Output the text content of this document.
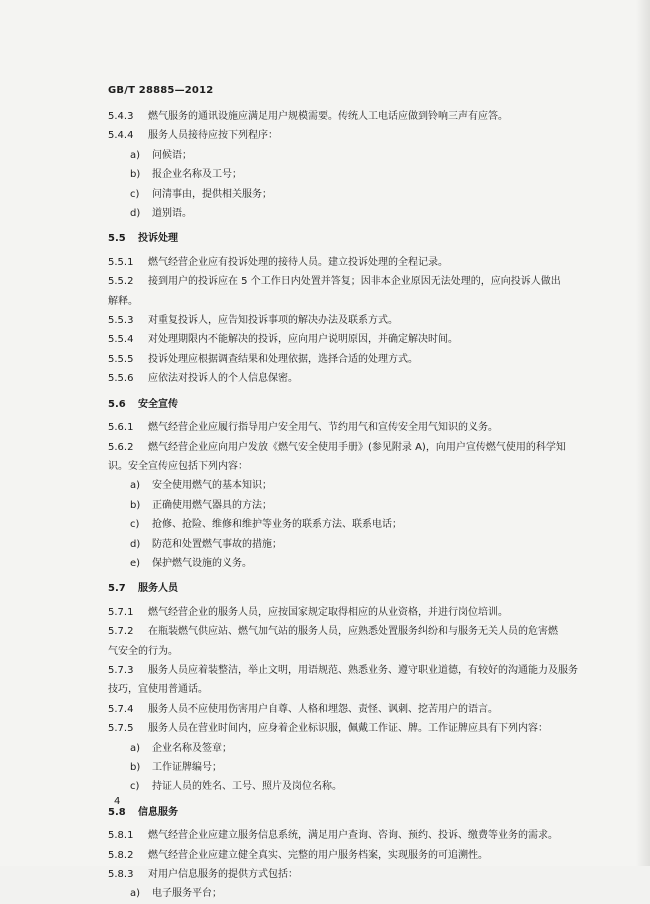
GB/T 28885—2012
5.4.3	燃气服务的通讯设施应满足用户规模需要。传统人工电话应做到铃响三声有应答。
5.4.4	服务人员接待应按下列程序：
a)	问候语；
b)	报企业名称及工号；
c)	问清事由，提供相关服务；
d)	道别语。
5.5	投诉处理
5.5.1	燃气经营企业应有投诉处理的接待人员。建立投诉处理的全程记录。
5.5.2	接到用户的投诉应在 5 个工作日内处置并答复；因非本企业原因无法处理的，应向投诉人做出
解释。
5.5.3	对重复投诉人，应告知投诉事项的解决办法及联系方式。
5.5.4	对处理期限内不能解决的投诉，应向用户说明原因，并确定解决时间。
5.5.5	投诉处理应根据调查结果和处理依据，选择合适的处理方式。
5.5.6	应依法对投诉人的个人信息保密。
5.6	安全宣传
5.6.1	燃气经营企业应履行指导用户安全用气、节约用气和宣传安全用气知识的义务。
5.6.2	燃气经营企业应向用户发放《燃气安全使用手册》(参见附录 A)，向用户宣传燃气使用的科学知
识。安全宣传应包括下列内容：
a)	安全使用燃气的基本知识；
b)	正确使用燃气器具的方法；
c)	抢修、抢险、维修和维护等业务的联系方法、联系电话；
d)	防范和处置燃气事故的措施；
e)	保护燃气设施的义务。
5.7	服务人员
5.7.1	燃气经营企业的服务人员，应按国家规定取得相应的从业资格，并进行岗位培训。
5.7.2	在瓶装燃气供应站、燃气加气站的服务人员，应熟悉处置服务纠纷和与服务无关人员的危害燃
气安全的行为。
5.7.3	服务人员应着装整洁，举止文明，用语规范、熟悉业务、遵守职业道德，有较好的沟通能力及服务
技巧，宜使用普通话。
5.7.4	服务人员不应使用伤害用户自尊、人格和埋怨、责怪、讽刺、挖苦用户的语言。
5.7.5	服务人员在营业时间内，应身着企业标识服，佩戴工作证、牌。工作证牌应具有下列内容：
a)	企业名称及签章；
b)	工作证牌编号；
c)	持证人员的姓名、工号、照片及岗位名称。
5.8	信息服务
5.8.1	燃气经营企业应建立服务信息系统，满足用户查询、咨询、预约、投诉、缴费等业务的需求。
5.8.2	燃气经营企业应建立健全真实、完整的用户服务档案，实现服务的可追溯性。
5.8.3	对用户信息服务的提供方式包括：
a)	电子服务平台；
4
